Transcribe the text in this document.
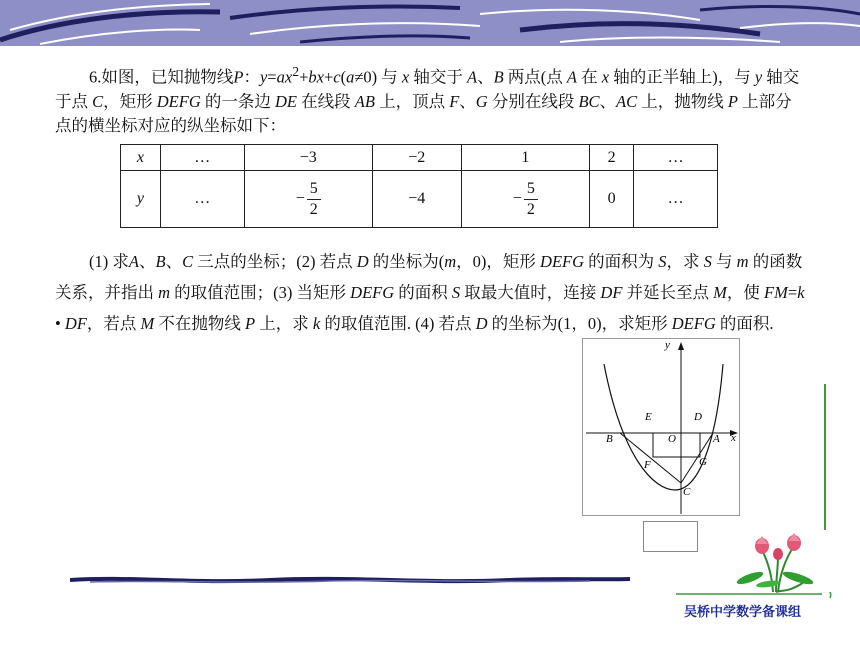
6.如图，已知抛物线P：$y=ax^2+bx+c(a\ne 0)$ 与 x 轴交于 A、B 两点(点 A 在 x 轴的正半轴上)，与 y 轴交于点 C，矩形 DEFG 的一条边 DE 在线段 AB 上，顶点 F、G 分别在线段 BC、AC 上，抛物线 P 上部分点的横坐标对应的纵坐标如下：

x	…	−3	−2	1	2	…
y	…	− $\frac{5}{2}$	−4	− $\frac{5}{2}$	0	…

(1) 求A、B、C 三点的坐标；(2) 若点 D 的坐标为(m，0)，矩形 DEFG 的面积为 S，求 S 与 m 的函数关系，并指出 m 的取值范围；(3) 当矩形 DEFG 的面积 S 取最大值时，连接 DF 并延长至点 M，使 FM=k • DF，若点 M 不在抛物线 P 上，求 k 的取值范围. (4) 若点 D 的坐标为(1，0)，求矩形 DEFG 的面积.

y
x
E	D
B	O	A
F	G
C
吴桥中学数学备课组
